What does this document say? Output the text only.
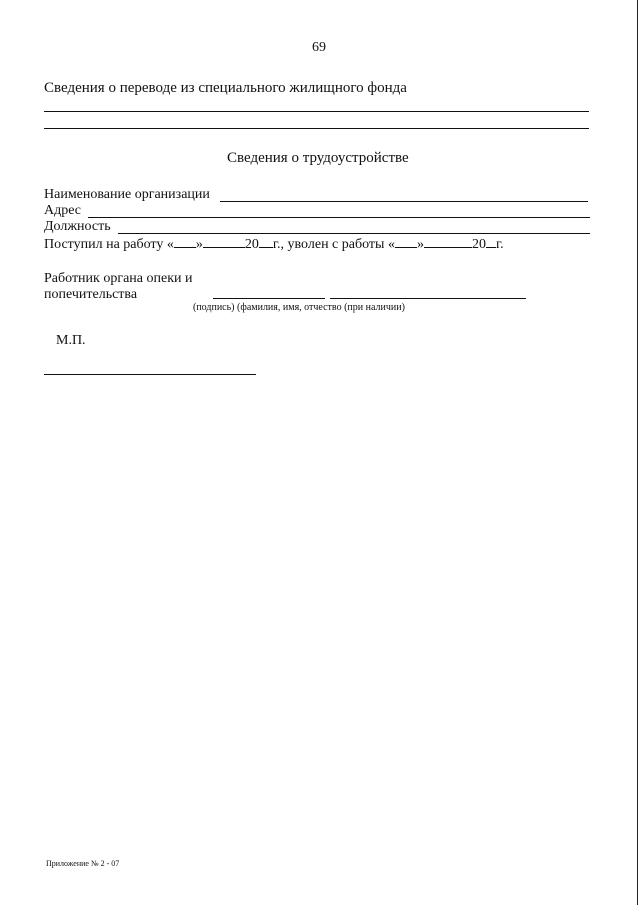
69
Сведения о переводе из специального жилищного фонда
Сведения о трудоустройстве
Наименование организации
Адрес
Должность
Поступил на работу « »	20 г., уволен с работы « »	20 г.
Работник органа опеки и
попечительства
(подпись) (фамилия, имя, отчество (при наличии)
М.П.
Приложение № 2 - 07
